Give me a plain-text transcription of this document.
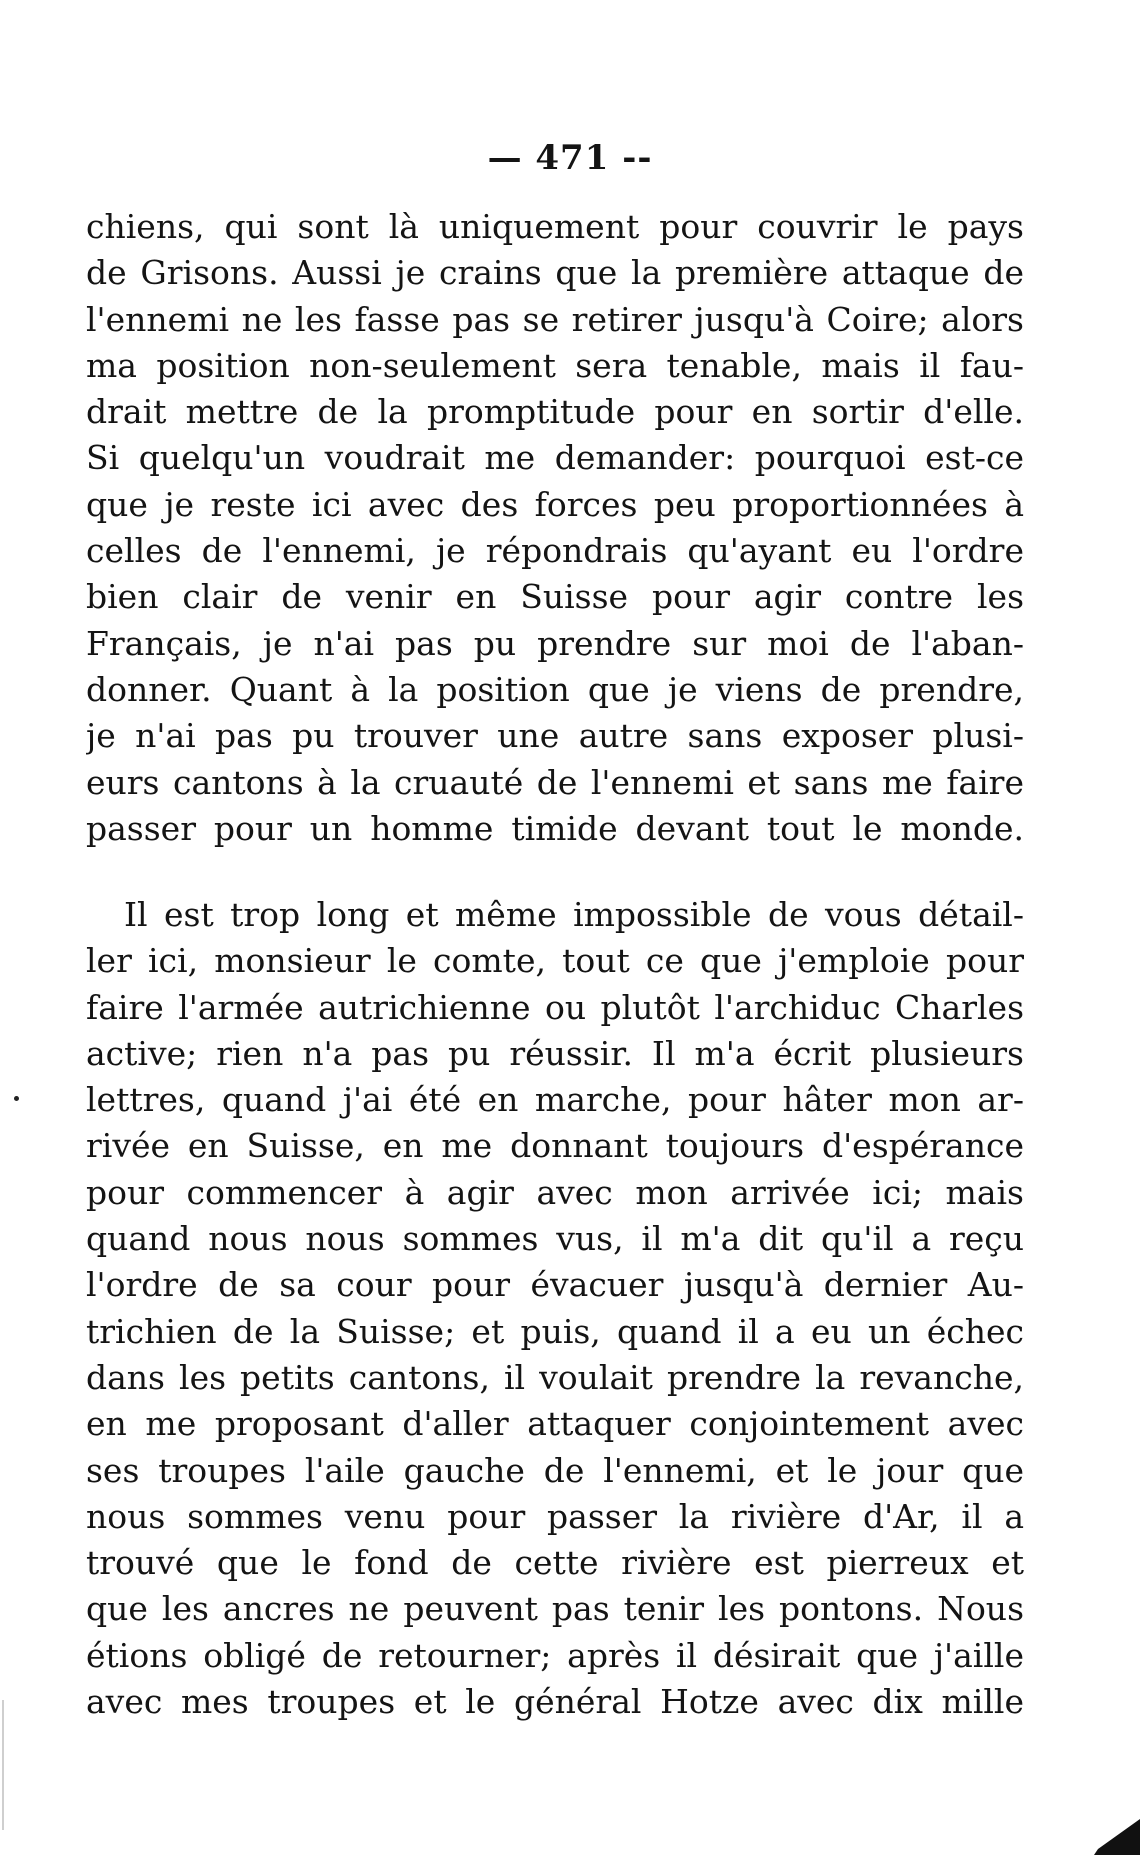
— 471 --
chiens, qui sont là uniquement pour couvrir le pays
de Grisons. Aussi je crains que la première attaque de
l'ennemi ne les fasse pas se retirer jusqu'à Coire; alors
ma position non-seulement sera tenable, mais il fau-
drait mettre de la promptitude pour en sortir d'elle.
Si quelqu'un voudrait me demander: pourquoi est-ce
que je reste ici avec des forces peu proportionnées à
celles de l'ennemi, je répondrais qu'ayant eu l'ordre
bien clair de venir en Suisse pour agir contre les
Français, je n'ai pas pu prendre sur moi de l'aban-
donner. Quant à la position que je viens de prendre,
je n'ai pas pu trouver une autre sans exposer plusi-
eurs cantons à la cruauté de l'ennemi et sans me faire
passer pour un homme timide devant tout le monde.
Il est trop long et même impossible de vous détail-
ler ici, monsieur le comte, tout ce que j'emploie pour
faire l'armée autrichienne ou plutôt l'archiduc Charles
active; rien n'a pas pu réussir. Il m'a écrit plusieurs
lettres, quand j'ai été en marche, pour hâter mon ar-
rivée en Suisse, en me donnant toujours d'espérance
pour commencer à agir avec mon arrivée ici; mais
quand nous nous sommes vus, il m'a dit qu'il a reçu
l'ordre de sa cour pour évacuer jusqu'à dernier Au-
trichien de la Suisse; et puis, quand il a eu un échec
dans les petits cantons, il voulait prendre la revanche,
en me proposant d'aller attaquer conjointement avec
ses troupes l'aile gauche de l'ennemi, et le jour que
nous sommes venu pour passer la rivière d'Ar, il a
trouvé que le fond de cette rivière est pierreux et
que les ancres ne peuvent pas tenir les pontons. Nous
étions obligé de retourner; après il désirait que j'aille
avec mes troupes et le général Hotze avec dix mille
